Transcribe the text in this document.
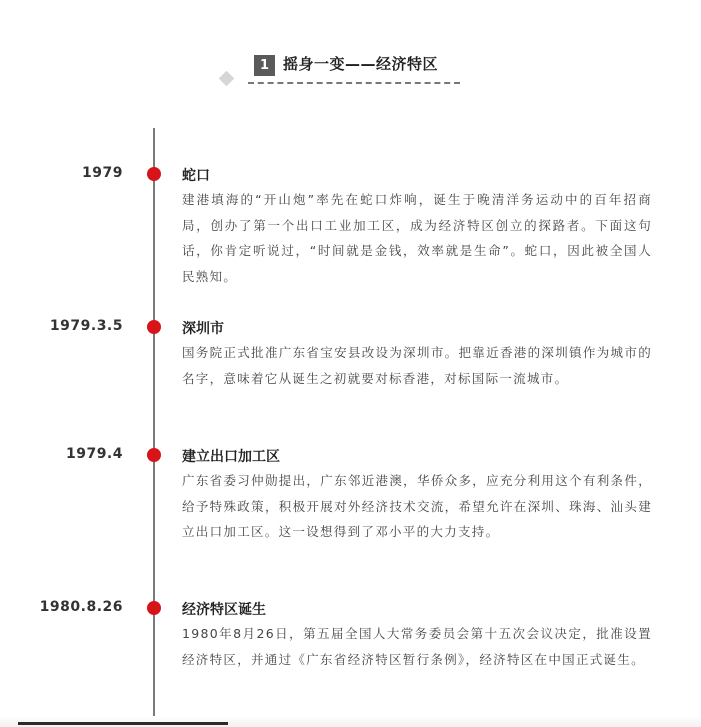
1 摇身一变——经济特区
1979	蛇口
建港填海的“开山炮”率先在蛇口炸响，诞生于晚清洋务运动中的百年招商局，创办了第一个出口工业加工区，成为经济特区创立的探路者。下面这句话，你肯定听说过，“时间就是金钱，效率就是生命”。蛇口，因此被全国人民熟知。
1979.3.5	深圳市
国务院正式批准广东省宝安县改设为深圳市。把靠近香港的深圳镇作为城市的名字，意味着它从诞生之初就要对标香港，对标国际一流城市。
1979.4	建立出口加工区
广东省委习仲勋提出，广东邻近港澳，华侨众多，应充分利用这个有利条件，给予特殊政策，积极开展对外经济技术交流，希望允许在深圳、珠海、汕头建立出口加工区。这一设想得到了邓小平的大力支持。
1980.8.26	经济特区诞生
1980年8月26日，第五届全国人大常务委员会第十五次会议决定，批准设置经济特区，并通过《广东省经济特区暂行条例》，经济特区在中国正式诞生。
